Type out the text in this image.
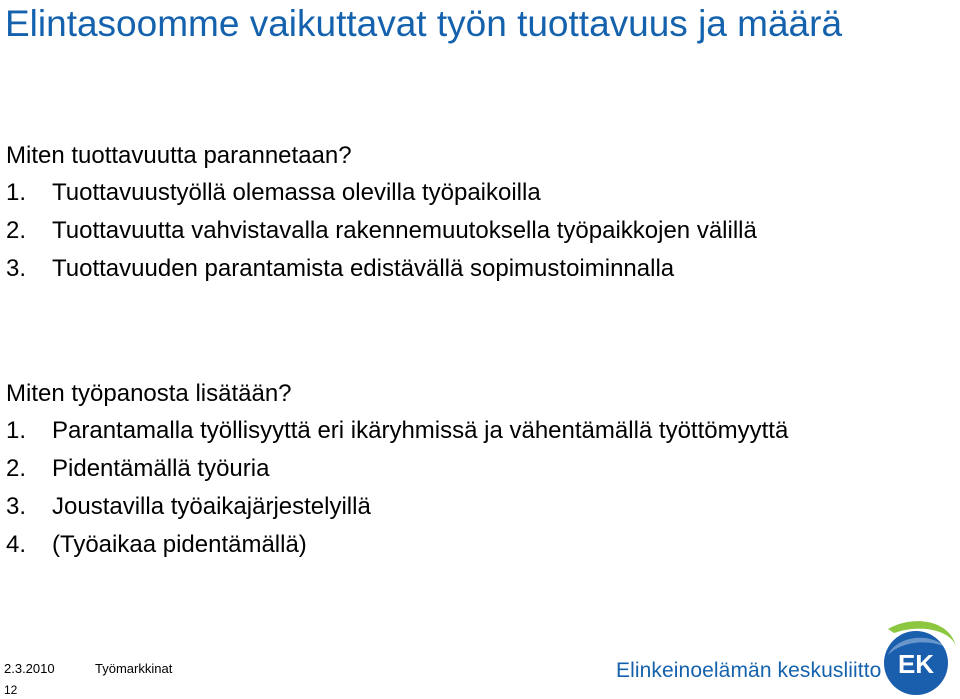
Elintasoomme vaikuttavat työn tuottavuus ja määrä
Miten tuottavuutta parannetaan?
1. Tuottavuustyöllä olemassa olevilla työpaikoilla
2. Tuottavuutta vahvistavalla rakennemuutoksella työpaikkojen välillä
3. Tuottavuuden parantamista edistävällä sopimustoiminnalla
Miten työpanosta lisätään?
1. Parantamalla työllisyyttä eri ikäryhmissä ja vähentämällä työttömyyttä
2. Pidentämällä työuria
3. Joustavilla työaikajärjestelyillä
4. (Työaikaa pidentämällä)
2.3.2010	Työmarkkinat
12
Elinkeinoelämän keskusliitto EK
